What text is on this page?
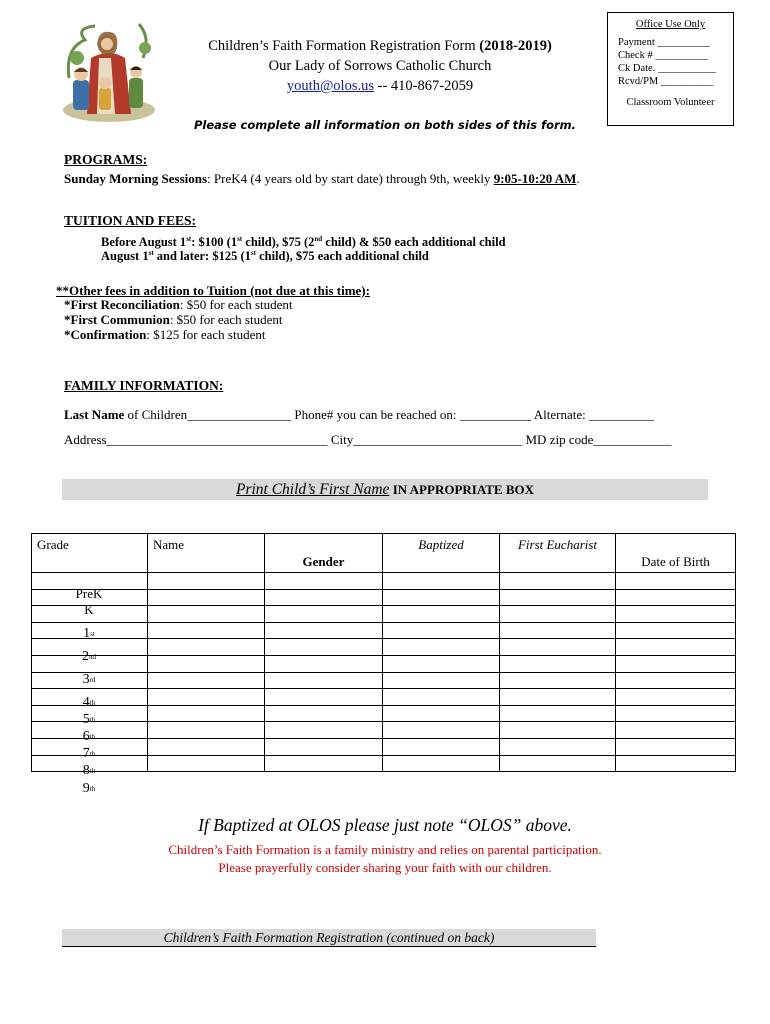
Children’s Faith Formation Registration Form (2018-2019)
Our Lady of Sorrows Catholic Church
youth@olos.us -- 410-867-2059
Office Use Only
Payment __________
Check # __________
Ck Date. ___________
Rcvd/PM __________
Classroom Volunteer
Please complete all information on both sides of this form.
PROGRAMS:
Sunday Morning Sessions: PreK4 (4 years old by start date) through 9th, weekly 9:05-10:20 AM.
TUITION AND FEES:
Before August 1st: $100 (1st child), $75 (2nd child) & $50 each additional child
August 1st and later: $125 (1st child), $75 each additional child
**Other fees in addition to Tuition (not due at this time):
*First Reconciliation: $50 for each student
*First Communion: $50 for each student
*Confirmation: $125 for each student
FAMILY INFORMATION:
Last Name of Children________________ Phone# you can be reached on: ___________ Alternate: __________
Address__________________________________ City__________________________ MD zip code____________
Print Child’s First Name IN APPROPRIATE BOX
Grade	Name	Gender	Baptized	First Eucharist	Date of Birth

PreK
K
1st
2nd
3rd
4th
5th
6th
7th
8th
9th
If Baptized at OLOS please just note “OLOS” above.
Children’s Faith Formation is a family ministry and relies on parental participation.
Please prayerfully consider sharing your faith with our children.
Children’s Faith Formation Registration (continued on back)
